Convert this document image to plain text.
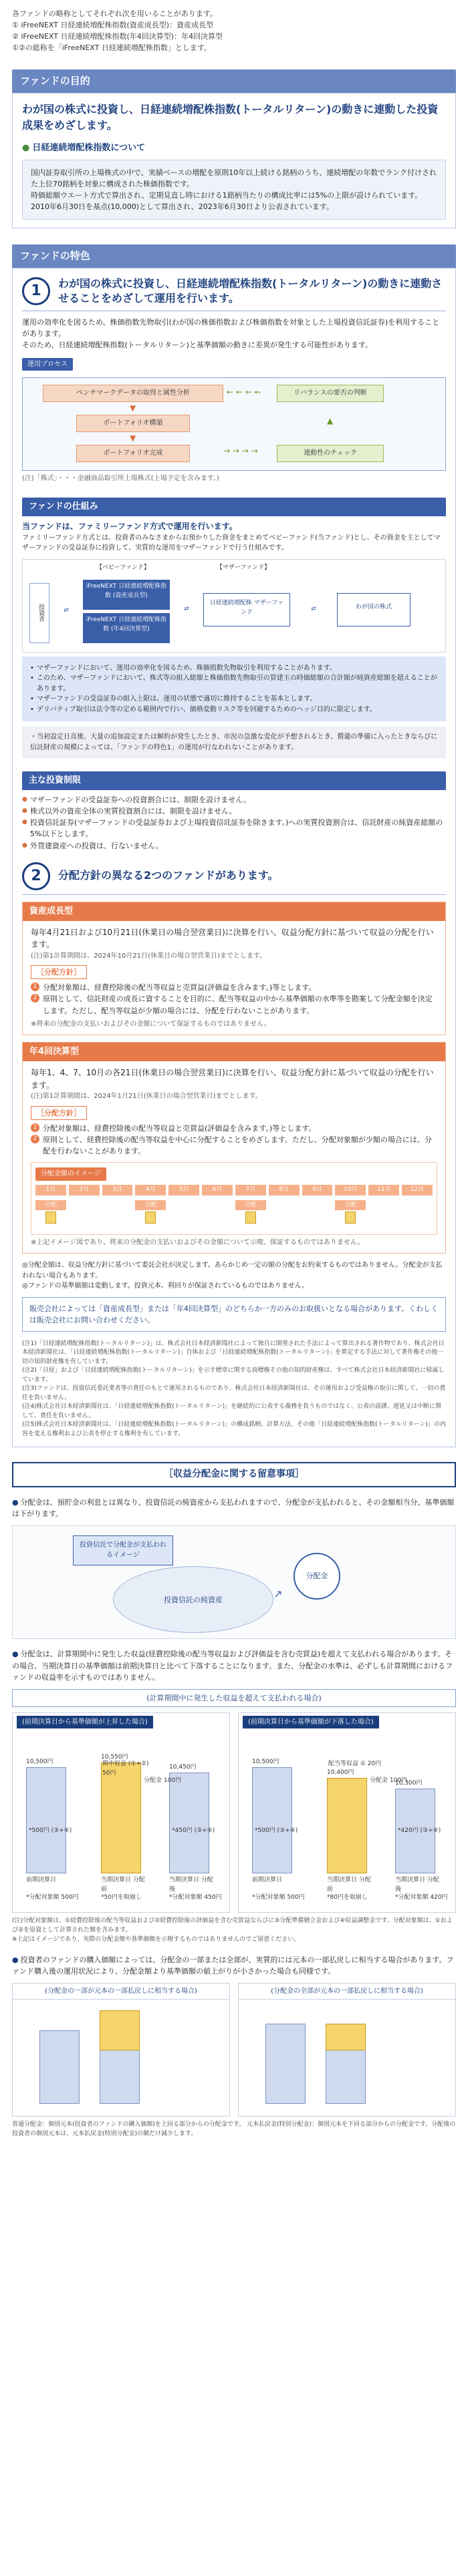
各ファンドの略称としてそれぞれ次を用いることがあります。

① iFreeNEXT 日経連続増配株指数(資産成長型)：資産成長型

② iFreeNEXT 日経連続増配株指数(年4回決算型)：年4回決算型

①②の総称を「iFreeNEXT 日経連続増配株指数」とします。

ファンドの目的

わが国の株式に投資し、日経連続増配株指数(トータルリターン)の動きに連動した投資成果をめざします。

● 日経連続増配株指数について

国内証券取引所の上場株式の中で、実績ベースの増配を原則10年以上続ける銘柄のうち、連続増配の年数でランク付けされた上位70銘柄を対象に構成された株価指数です。

時価総額ウエート方式で算出され、定期見直し時における1銘柄当たりの構成比率には5%の上限が設けられています。

2010年6月30日を基点(10,000)として算出され、2023年6月30日より公表されています。

ファンドの特色
1	わが国の株式に投資し、日経連続増配株指数(トータルリターン)の動きに連動させることをめざして運用を行います。

運用の効率化を図るため、株価指数先物取引(わが国の株価指数および株価指数を対象とした上場投資信託証券)を利用することがあります。

そのため、日経連続増配株指数(トータルリターン)と基準価額の動きに差異が発生する可能性があります。

運用プロセス
ベンチマークデータの取得と属性分析
ポートフォリオ構築
ポートフォリオ完成
リバランスの要否の判断
連動性のチェック
▼
▼
→ → → →
▲
← ← ← ←

(注)「株式」・・・金融商品取引所上場株式(上場予定を含みます。)

ファンドの仕組み

当ファンドは、ファミリーファンド方式で運用を行います。

ファミリーファンド方式とは、投資者のみなさまからお預かりした資金をまとめてベビーファンド(当ファンド)とし、その資金を主としてマザーファンドの受益証券に投資して、実質的な運用をマザーファンドで行う仕組みです。

【ベビーファンド】	【マザーファンド】
投資者
iFreeNEXT 日経連続増配株指数 (資産成長型)
iFreeNEXT 日経連続増配株指数 (年4回決算型)
日経連続増配株 マザーファンド
わが国の株式
⇄	⇄	⇄
• マザーファンドにおいて、運用の効率化を図るため、株価指数先物取引を利用することがあります。
• このため、マザーファンドにおいて、株式等の組入総額と株価指数先物取引の買建玉の時価総額の合計額が純資産総額を超えることがあります。
• マザーファンドの受益証券の組入上限は、運用の状態で適切に維持することを基本とします。
• デリバティブ取引は法令等の定める範囲内で行い、価格変動リスク等を回避するためのヘッジ目的に限定します。
・当初設定日直後、大量の追加設定または解約が発生したとき、市況の急激な変化が予想されるとき、償還の準備に入ったときならびに信託財産の規模によっては、「ファンドの特色1」の運用が行なわれないことがあります。
主な投資制限
● マザーファンドの受益証券への投資割合には、制限を設けません。
● 株式以外の資産全体の実質投資割合には、制限を設けません。
● 投資信託証券(マザーファンドの受益証券および上場投資信託証券を除きます。)への実質投資割合は、信託財産の純資産総額の5%以下とします。
● 外貨建資産への投資は、行ないません。
2	分配方針の異なる2つのファンドがあります。
資産成長型

毎年4月21日および10月21日(休業日の場合翌営業日)に決算を行い、収益分配方針に基づいて収益の分配を行います。

(注)第1計算期間は、2024年10月21日(休業日の場合翌営業日)までとします。

［分配方針］
1 分配対象額は、経費控除後の配当等収益と売買益(評価益を含みます。)等とします。
2 原則として、信託財産の成長に資することを目的に、配当等収益の中から基準価額の水準等を勘案して分配金額を決定します。ただし、配当等収益が少額の場合には、分配を行わないことがあります。

※将来の分配金の支払いおよびその金額について保証するものではありません。

年4回決算型

毎年1、4、7、10月の各21日(休業日の場合翌営業日)に決算を行い、収益分配方針に基づいて収益の分配を行います。

(注)第1計算期間は、2024年1月21日(休業日の場合翌営業日)までとします。

［分配方針］
1 分配対象額は、経費控除後の配当等収益と売買益(評価益を含みます。)等とします。
2 原則として、経費控除後の配当等収益を中心に分配することをめざします。ただし、分配対象額が少額の場合には、分配を行わないことがあります。
分配金額のイメージ
1月	2月	3月	4月	5月	6月	7月	8月	9月	10月	11月	12月
分配	分配	分配	分配

※上記イメージ図であり、将来の分配金の支払いおよびその金額について示唆、保証するものではありません。

◎分配金額は、収益分配方針に基づいて委託会社が決定します。あらかじめ一定の額の分配をお約束するものではありません。分配金が支払われない場合もあります。

◎ファンドの基準価額は変動します。投資元本、利回りが保証されているものではありません。

販売会社によっては「資産成長型」または「年4回決算型」のどちらか一方のみのお取扱いとなる場合があります。くわしくは販売会社にお問い合わせください。

(注1)「日経連続増配株指数(トータルリターン)」は、株式会社日本経済新聞社によって独自に開発された手法によって算出される著作物であり、株式会社日本経済新聞社は、「日経連続増配株指数(トータルリターン)」自体および「日経連続増配株指数(トータルリターン)」を算定する手法に対して著作権その他一切の知的財産権を有しています。

(注2)「日経」および「日経連続増配株指数(トータルリターン)」を示す標章に関する商標権その他の知的財産権は、すべて株式会社日本経済新聞社に帰属しています。

(注3)ファンドは、投資信託委託業者等の責任のもとで運用されるものであり、株式会社日本経済新聞社は、その運用および受益権の取引に関して、一切の責任を負いません。

(注4)株式会社日本経済新聞社は、「日経連続増配株指数(トータルリターン)」を継続的に公表する義務を負うものではなく、公表の誤謬、遅延又は中断に関して、責任を負いません。

(注5)株式会社日本経済新聞社は、「日経連続増配株指数(トータルリターン)」の構成銘柄、計算方法、その他「日経連続増配株指数(トータルリターン)」の内容を変える権利および公表を停止する権利を有しています。

［収益分配金に関する留意事項］

● 分配金は、預貯金の利息とは異なり、投資信託の純資産から支払われますので、分配金が支払われると、その金額相当分、基準価額は下がります。

投資信託で分配金が支払われるイメージ
投資信託の純資産
分配金
↗

● 分配金は、計算期間中に発生した収益(経費控除後の配当等収益および評価益を含む売買益)を超えて支払われる場合があります。その場合、当期決算日の基準価額は前期決算日と比べて下落することになります。また、分配金の水準は、必ずしも計算期間におけるファンドの収益率を示すものではありません。

(計算期間中に発生した収益を超えて支払われる場合)

(前期決算日から基準価額が上昇した場合)
10,500円
前期決算日
*分配対象額 500円
10,550円
当期決算日 分配前
*50円を取崩し
10,450円
当期決算日 分配後
*分配対象額 450円
期中収益 (①+②) 50円
分配金 100円
*500円 (③+④)	*450円 (③+④)
(前期決算日から基準価額が下落した場合)
10,500円
前期決算日
*分配対象額 500円
10,400円
当期決算日 分配前
*80円を取崩し
10,300円
当期決算日 分配後
*分配対象額 420円
配当等収益 ① 20円
分配金 100円
*500円 (③+④)	*420円 (③+④)

(注)分配対象額は、①経費控除後の配当等収益および②経費控除後の評価益を含む売買益ならびに③分配準備積立金および④収益調整金です。分配対象額は、①および②を原資として計算された額を含みます。

※上記はイメージであり、実際の分配金額や基準価額を示唆するものではありませんのでご留意ください。

● 投資者のファンドの購入価額によっては、分配金の一部または全部が、実質的には元本の一部払戻しに相当する場合があります。ファンド購入後の運用状況により、分配金額より基準価額の値上がりが小さかった場合も同様です。

(分配金の一部が元本の一部払戻しに相当する場合)	(分配金の全部が元本の一部払戻しに相当する場合)

普通分配金：個別元本(投資者のファンドの購入価額)を上回る部分からの分配金です。 元本払戻金(特別分配金)：個別元本を下回る部分からの分配金です。分配後の投資者の個別元本は、元本払戻金(特別分配金)の額だけ減少します。
